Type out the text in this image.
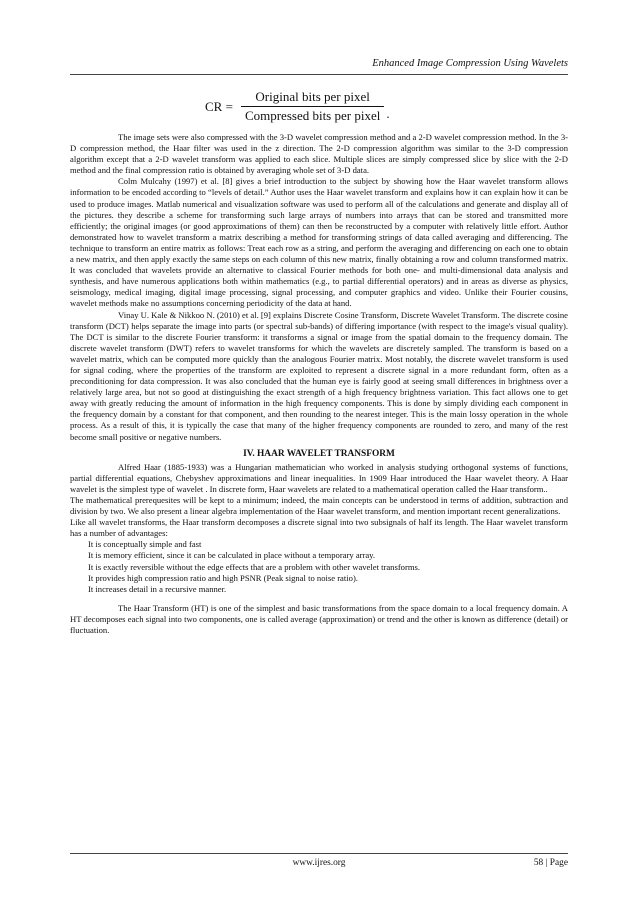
Enhanced Image Compression Using Wavelets
CR = $\frac{\text{Original bits per pixel}}{\text{Compressed bits per pixel}}$ .

The image sets were also compressed with the 3-D wavelet compression method and a 2-D wavelet compression method. In the 3-D compression method, the Haar filter was used in the z direction. The 2-D compression algorithm was similar to the 3-D compression algorithm except that a 2-D wavelet transform was applied to each slice. Multiple slices are simply compressed slice by slice with the 2-D method and the final compression ratio is obtained by averaging whole set of 3-D data.

Colm Mulcahy (1997) et al. [8] gives a brief introduction to the subject by showing how the Haar wavelet transform allows information to be encoded according to “levels of detail.” Author uses the Haar wavelet transform and explains how it can explain how it can be used to produce images. Matlab numerical and visualization software was used to perform all of the calculations and generate and display all of the pictures. they describe a scheme for transforming such large arrays of numbers into arrays that can be stored and transmitted more efficiently; the original images (or good approximations of them) can then be reconstructed by a computer with relatively little effort. Author demonstrated how to wavelet transform a matrix describing a method for transforming strings of data called averaging and differencing. The technique to transform an entire matrix as follows: Treat each row as a string, and perform the averaging and differencing on each one to obtain a new matrix, and then apply exactly the same steps on each column of this new matrix, finally obtaining a row and column transformed matrix. It was concluded that wavelets provide an alternative to classical Fourier methods for both one- and multi-dimensional data analysis and synthesis, and have numerous applications both within mathematics (e.g., to partial differential operators) and in areas as diverse as physics, seismology, medical imaging, digital image processing, signal processing, and computer graphics and video. Unlike their Fourier cousins, wavelet methods make no assumptions concerning periodicity of the data at hand.

Vinay U. Kale & Nikkoo N. (2010) et al. [9] explains Discrete Cosine Transform, Discrete Wavelet Transform. The discrete cosine transform (DCT) helps separate the image into parts (or spectral sub-bands) of differing importance (with respect to the image's visual quality). The DCT is similar to the discrete Fourier transform: it transforms a signal or image from the spatial domain to the frequency domain. The discrete wavelet transform (DWT) refers to wavelet transforms for which the wavelets are discretely sampled. The transform is based on a wavelet matrix, which can be computed more quickly than the analogous Fourier matrix. Most notably, the discrete wavelet transform is used for signal coding, where the properties of the transform are exploited to represent a discrete signal in a more redundant form, often as a preconditioning for data compression. It was also concluded that the human eye is fairly good at seeing small differences in brightness over a relatively large area, but not so good at distinguishing the exact strength of a high frequency brightness variation. This fact allows one to get away with greatly reducing the amount of information in the high frequency components. This is done by simply dividing each component in the frequency domain by a constant for that component, and then rounding to the nearest integer. This is the main lossy operation in the whole process. As a result of this, it is typically the case that many of the higher frequency components are rounded to zero, and many of the rest become small positive or negative numbers.

IV. HAAR WAVELET TRANSFORM

Alfred Haar (1885-1933) was a Hungarian mathematician who worked in analysis studying orthogonal systems of functions, partial differential equations, Chebyshev approximations and linear inequalities. In 1909 Haar introduced the Haar wavelet theory. A Haar wavelet is the simplest type of wavelet . In discrete form, Haar wavelets are related to a mathematical operation called the Haar transform..

The mathematical prerequesites will be kept to a minimum; indeed, the main concepts can be understood in terms of addition, subtraction and division by two. We also present a linear algebra implementation of the Haar wavelet transform, and mention important recent generalizations.

Like all wavelet transforms, the Haar transform decomposes a discrete signal into two subsignals of half its length. The Haar wavelet transform has a number of advantages:

It is conceptually simple and fast
It is memory efficient, since it can be calculated in place without a temporary array.
It is exactly reversible without the edge effects that are a problem with other wavelet transforms.
It provides high compression ratio and high PSNR (Peak signal to noise ratio).
It increases detail in a recursive manner.

The Haar Transform (HT) is one of the simplest and basic transformations from the space domain to a local frequency domain. A HT decomposes each signal into two components, one is called average (approximation) or trend and the other is known as difference (detail) or fluctuation.

www.ijres.org	58 | Page
